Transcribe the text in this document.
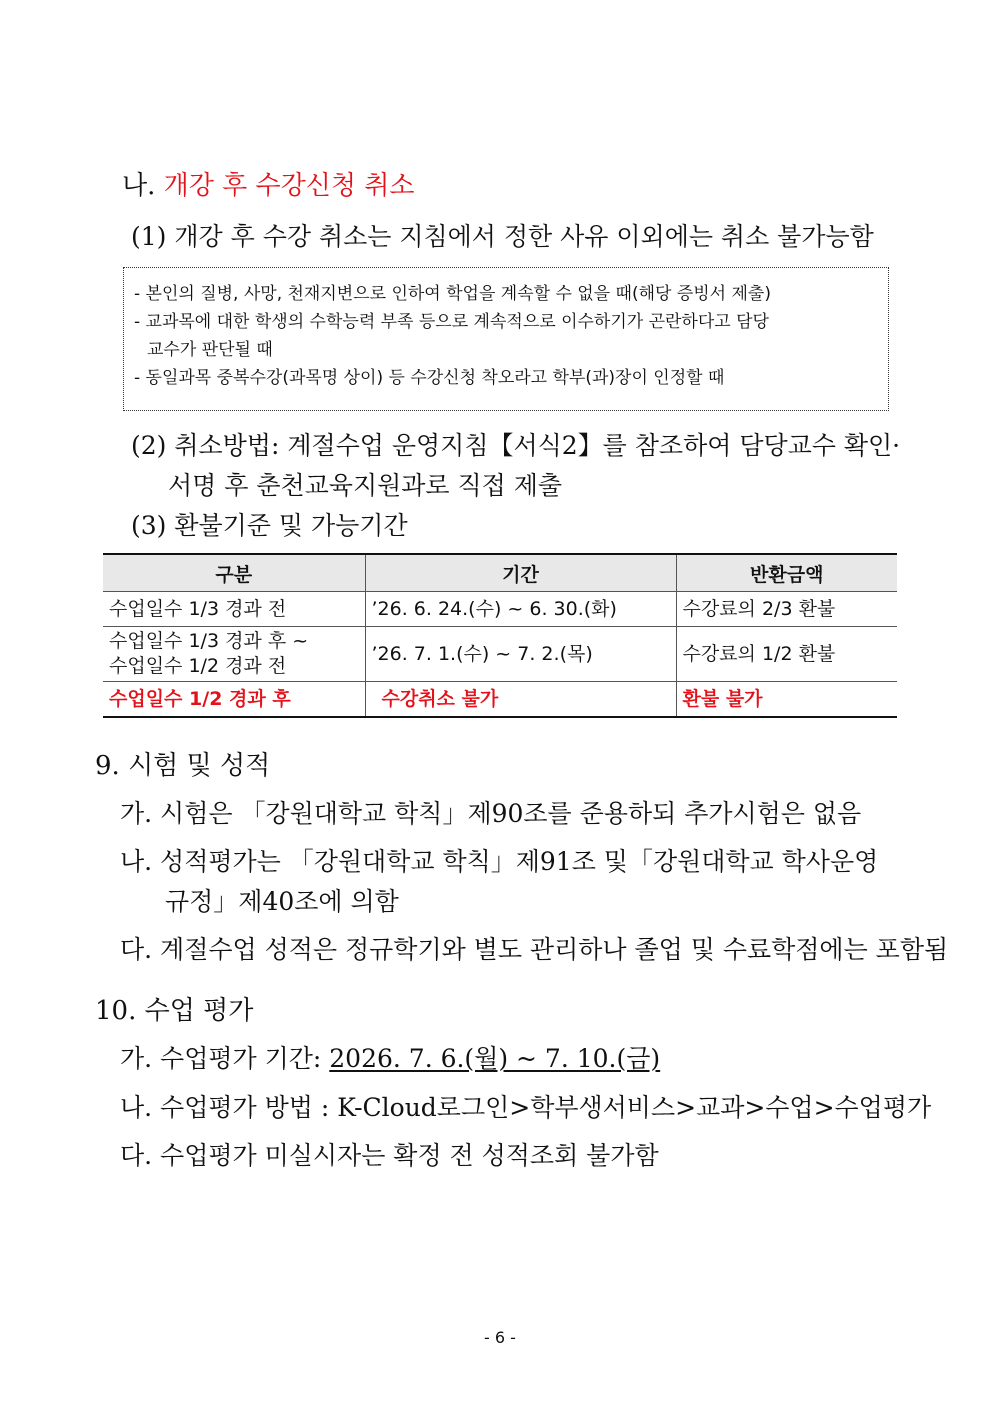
나. 개강 후 수강신청 취소
(1) 개강 후 수강 취소는 지침에서 정한 사유 이외에는 취소 불가능함
- 본인의 질병, 사망, 천재지변으로 인하여 학업을 계속할 수 없을 때(해당 증빙서 제출)
- 교과목에 대한 학생의 수학능력 부족 등으로 계속적으로 이수하기가 곤란하다고 담당
교수가 판단될 때
- 동일과목 중복수강(과목명 상이) 등 수강신청 착오라고 학부(과)장이 인정할 때
(2) 취소방법: 계절수업 운영지침【서식2】를 참조하여 담당교수 확인·
서명 후 춘천교육지원과로 직접 제출
(3) 환불기준 및 가능기간
구분	기간	반환금액
수업일수 1/3 경과 전	’26. 6. 24.(수) ~ 6. 30.(화)	수강료의 2/3 환불

수업일수 1/3 경과 후 ~
수업일수 1/2 경과 전	’26. 7. 1.(수) ~ 7. 2.(목)	수강료의 1/2 환불
수업일수 1/2 경과 후	수강취소 불가	환불 불가
9. 시험 및 성적
가. 시험은 「강원대학교 학칙」제90조를 준용하되 추가시험은 없음
나. 성적평가는 「강원대학교 학칙」제91조 및「강원대학교 학사운영
규정」제40조에 의함
다. 계절수업 성적은 정규학기와 별도 관리하나 졸업 및 수료학점에는 포함됨
10. 수업 평가
가. 수업평가 기간: 2026. 7. 6.(월) ~ 7. 10.(금)
나. 수업평가 방법 : K-Cloud로그인>학부생서비스>교과>수업>수업평가
다. 수업평가 미실시자는 확정 전 성적조회 불가함
- 6 -
